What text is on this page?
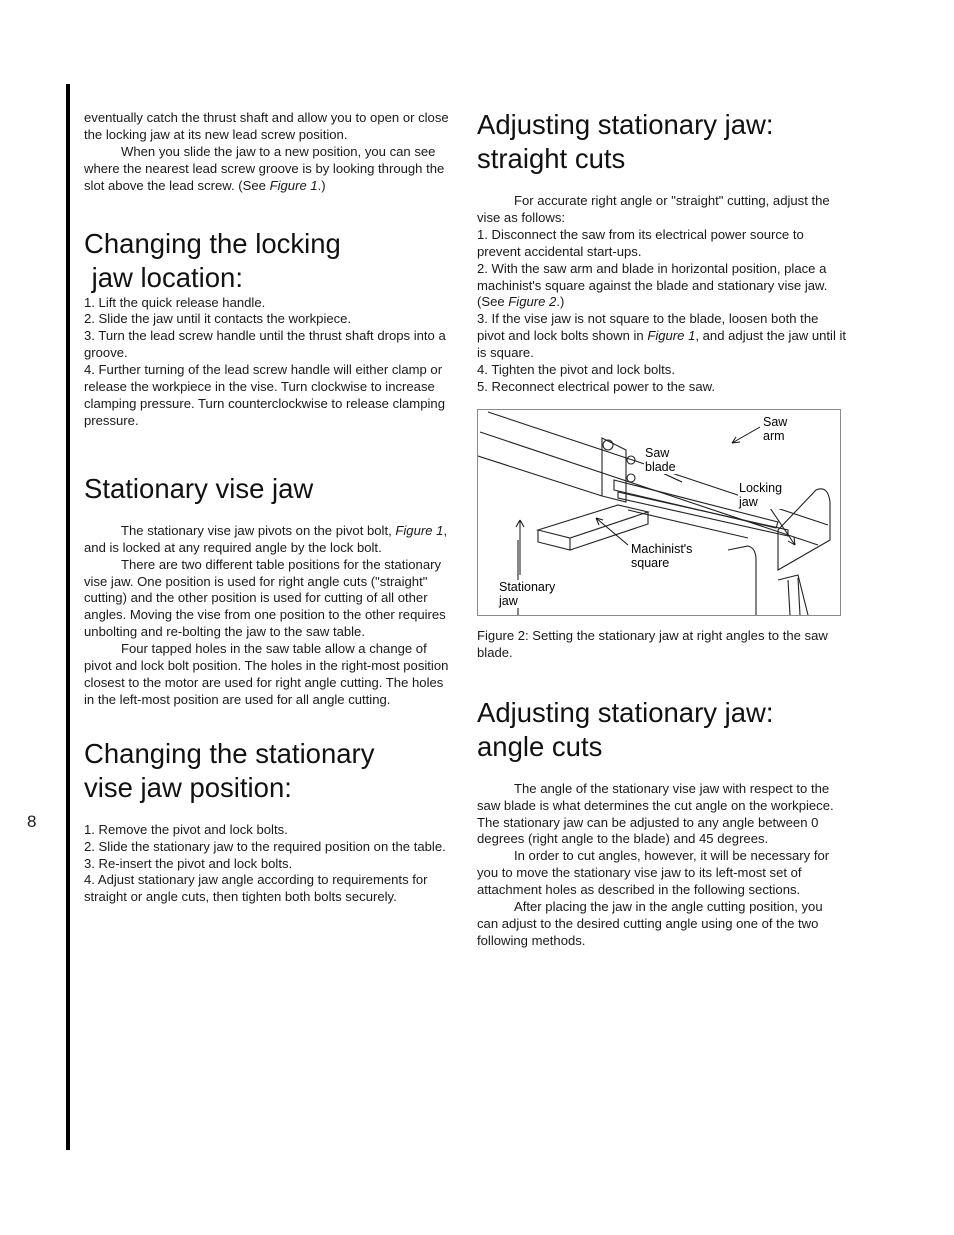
8

eventually catch the thrust shaft and allow you to open or close the locking jaw at its new lead screw position.

When you slide the jaw to a new position, you can see where the nearest lead screw groove is by looking through the slot above the lead screw. (See Figure 1.)

Changing the locking
jaw location:

1. Lift the quick release handle.

2. Slide the jaw until it contacts the workpiece.

3. Turn the lead screw handle until the thrust shaft drops into a groove.

4. Further turning of the lead screw handle will either clamp or release the workpiece in the vise. Turn clockwise to increase clamping pressure. Turn counterclockwise to release clamping pressure.

Stationary vise jaw

The stationary vise jaw pivots on the pivot bolt, Figure 1, and is locked at any required angle by the lock bolt.

There are two different table positions for the stationary vise jaw. One position is used for right angle cuts ("straight" cutting) and the other position is used for cutting of all other angles. Moving the vise from one position to the other requires unbolting and re-bolting the jaw to the saw table.

Four tapped holes in the saw table allow a change of pivot and lock bolt position. The holes in the right-most position closest to the motor are used for right angle cutting. The holes in the left-most position are used for all angle cutting.

Changing the stationary
vise jaw position:

1. Remove the pivot and lock bolts.

2. Slide the stationary jaw to the required position on the table.

3. Re-insert the pivot and lock bolts.

4. Adjust stationary jaw angle according to requirements for straight or angle cuts, then tighten both bolts securely.

Adjusting stationary jaw:
straight cuts

For accurate right angle or "straight" cutting, adjust the vise as follows:

1. Disconnect the saw from its electrical power source to prevent accidental start-ups.

2. With the saw arm and blade in horizontal position, place a machinist's square against the blade and stationary vise jaw. (See Figure 2.)

3. If the vise jaw is not square to the blade, loosen both the pivot and lock bolts shown in Figure 1, and adjust the jaw until it is square.

4. Tighten the pivot and lock bolts.

5. Reconnect electrical power to the saw.

Saw
arm
Saw
blade
Locking
jaw
Machinist's
square
Stationary
jaw

Figure 2: Setting the stationary jaw at right angles to the saw blade.

Adjusting stationary jaw:
angle cuts

The angle of the stationary vise jaw with respect to the saw blade is what determines the cut angle on the workpiece. The stationary jaw can be adjusted to any angle between 0 degrees (right angle to the blade) and 45 degrees.

In order to cut angles, however, it will be necessary for you to move the stationary vise jaw to its left-most set of attachment holes as described in the following sections.

After placing the jaw in the angle cutting position, you can adjust to the desired cutting angle using one of the two following methods.
